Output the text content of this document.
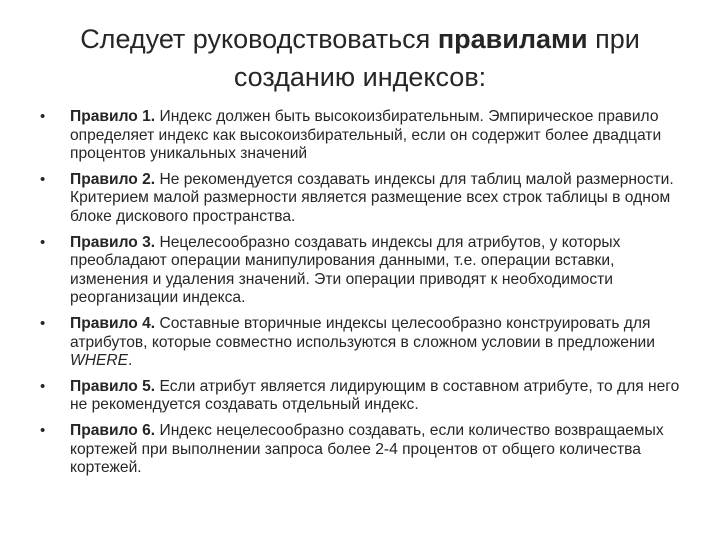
Следует руководствоваться правилами при созданию индексов:
• Правило 1. Индекс должен быть высокоизбирательным. Эмпирическое правило определяет индекс как высокоизбирательный, если он содержит более двадцати процентов уникальных значений
• Правило 2. Не рекомендуется создавать индексы для таблиц малой размерности. Критерием малой размерности является размещение всех строк таблицы в одном блоке дискового пространства.
• Правило 3. Нецелесообразно создавать индексы для атрибутов, у которых преобладают операции манипулирования данными, т.е. операции вставки, изменения и удаления значений. Эти операции приводят к необходимости реорганизации индекса.
• Правило 4. Составные вторичные индексы целесообразно конструировать для атрибутов, которые совместно используются в сложном условии в предложении WHERE.
• Правило 5. Если атрибут является лидирующим в составном атрибуте, то для него не рекомендуется создавать отдельный индекс.
• Правило 6. Индекс нецелесообразно создавать, если количество возвращаемых кортежей при выполнении запроса более 2-4 процентов от общего количества кортежей.
